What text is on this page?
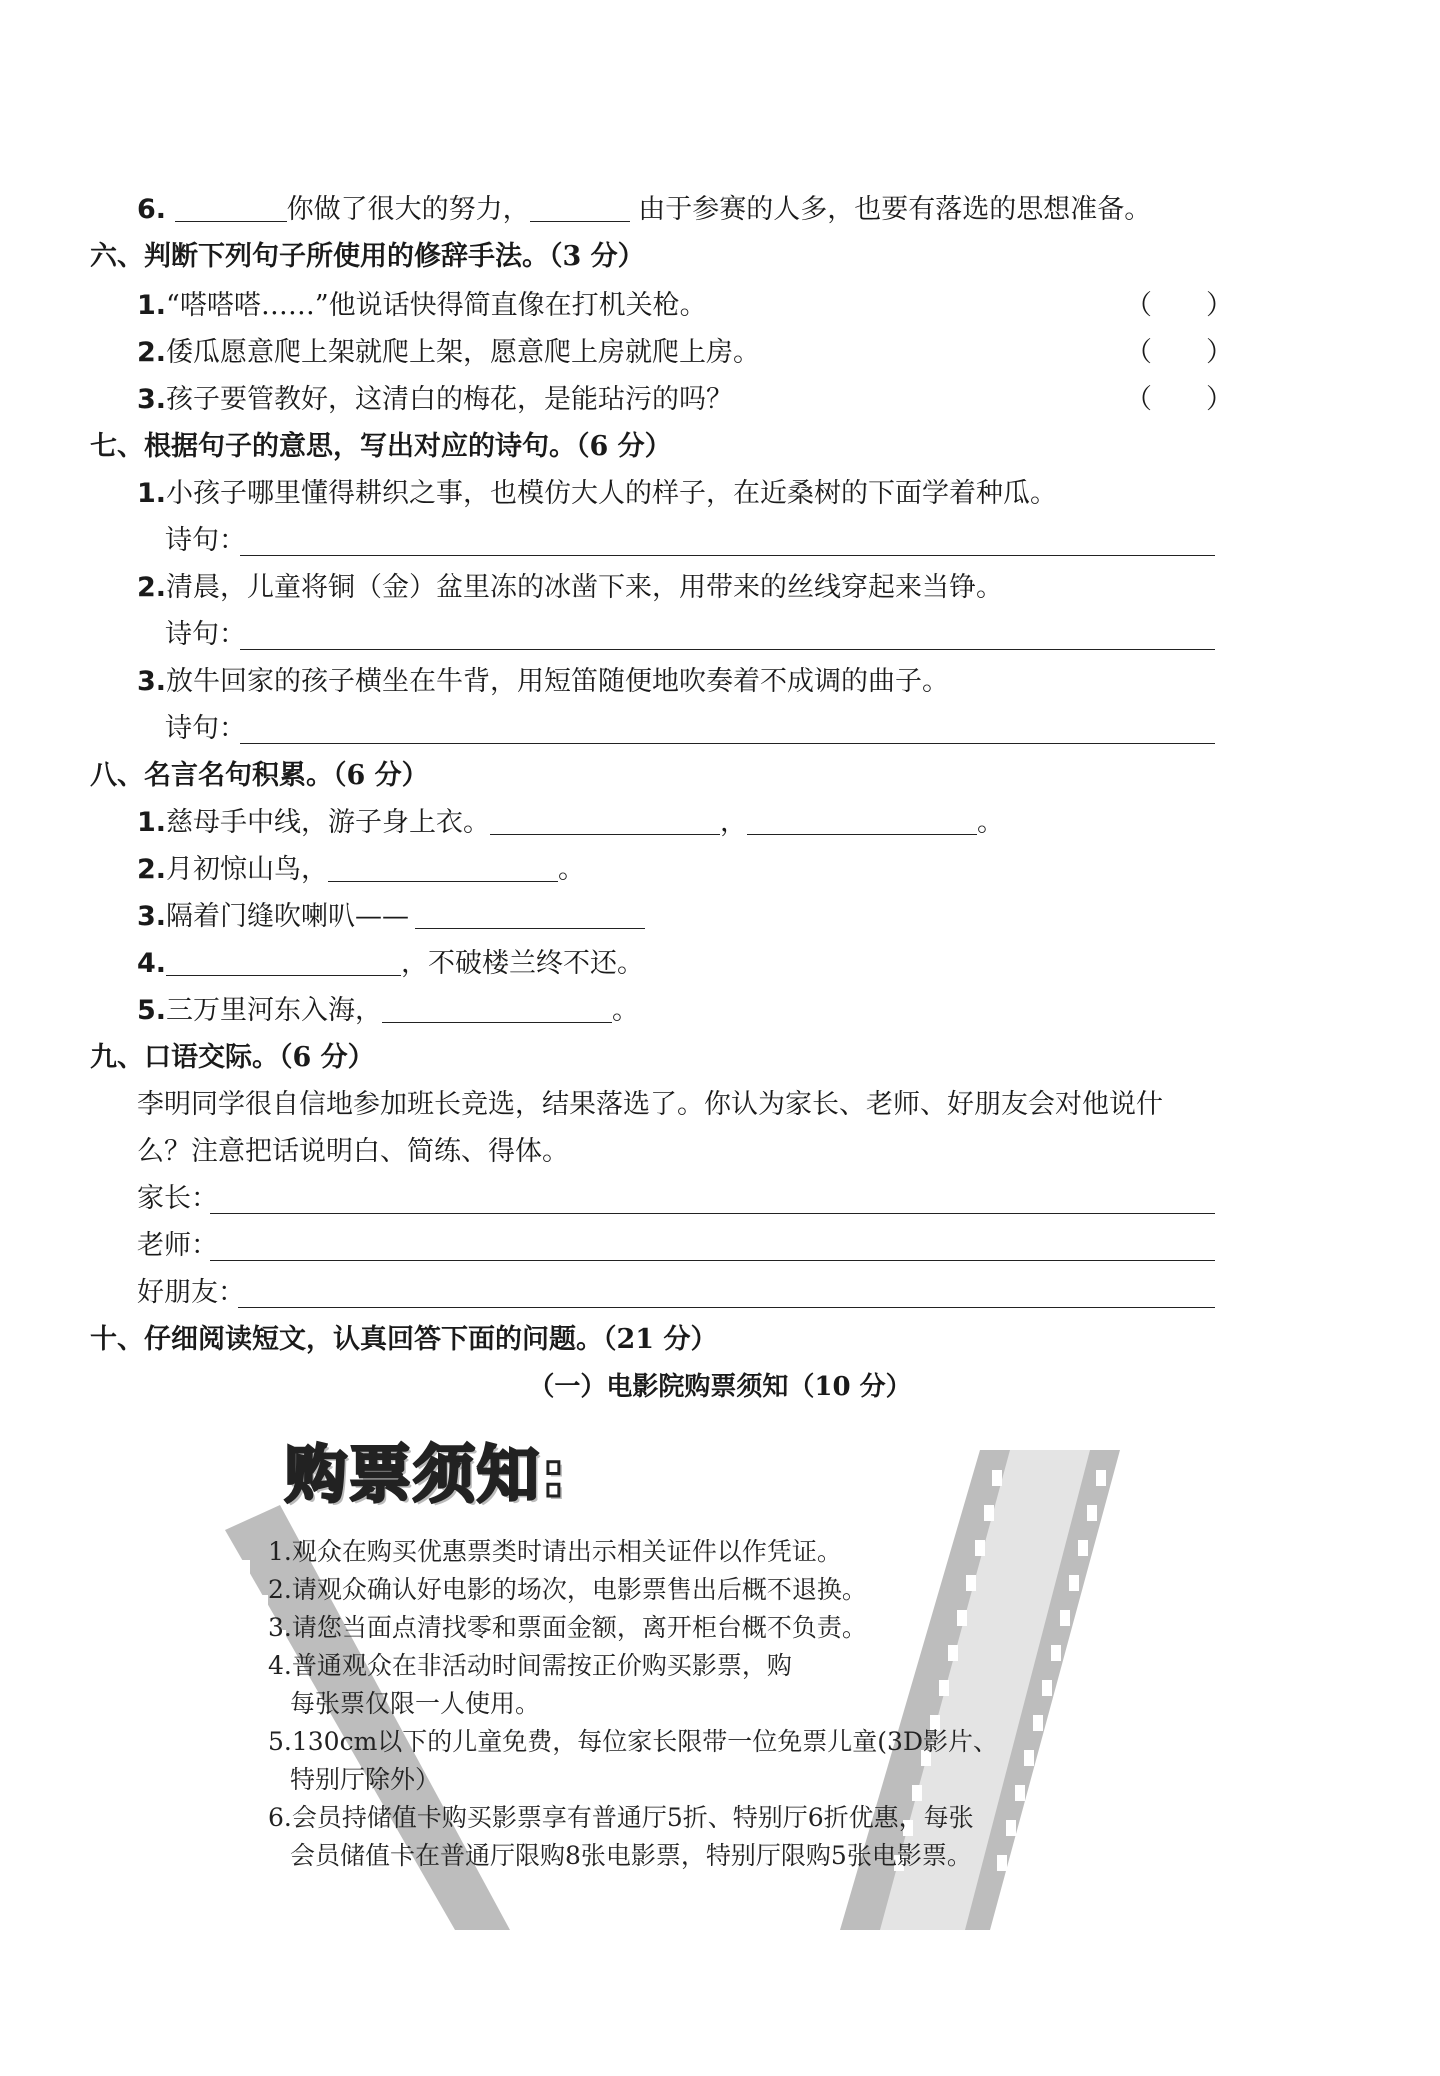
6.	你做了很大的努力，	由于参赛的人多，也要有落选的思想准备。
六、判断下列句子所使用的修辞手法。（3 分）
1.“嗒嗒嗒……”他说话快得简直像在打机关枪。	（　　）
2.倭瓜愿意爬上架就爬上架，愿意爬上房就爬上房。	（　　）
3.孩子要管教好，这清白的梅花，是能玷污的吗？	（　　）
七、根据句子的意思，写出对应的诗句。（6 分）
1.小孩子哪里懂得耕织之事，也模仿大人的样子，在近桑树的下面学着种瓜。
诗句：
2.清晨，儿童将铜（金）盆里冻的冰凿下来，用带来的丝线穿起来当铮。
诗句：
3.放牛回家的孩子横坐在牛背，用短笛随便地吹奏着不成调的曲子。
诗句：
八、名言名句积累。（6 分）
1.慈母手中线，游子身上衣。	，	。
2.月初惊山鸟，	。
3.隔着门缝吹喇叭——
4.	，不破楼兰终不还。
5.三万里河东入海，	。
九、口语交际。（6 分）
李明同学很自信地参加班长竞选，结果落选了。你认为家长、老师、好朋友会对他说什
么？注意把话说明白、简练、得体。
家长：
老师：
好朋友：
十、仔细阅读短文，认真回答下面的问题。（21 分）
（一）电影院购票须知（10 分）
购票须知:
1.观众在购买优惠票类时请出示相关证件以作凭证。
2.请观众确认好电影的场次，电影票售出后概不退换。
3.请您当面点清找零和票面金额，离开柜台概不负责。
4.普通观众在非活动时间需按正价购买影票，购
每张票仅限一人使用。
5.130cm以下的儿童免费，每位家长限带一位免票儿童(3D影片、
特别厅除外）
6.会员持储值卡购买影票享有普通厅5折、特别厅6折优惠，每张
会员储值卡在普通厅限购8张电影票，特别厅限购5张电影票。
